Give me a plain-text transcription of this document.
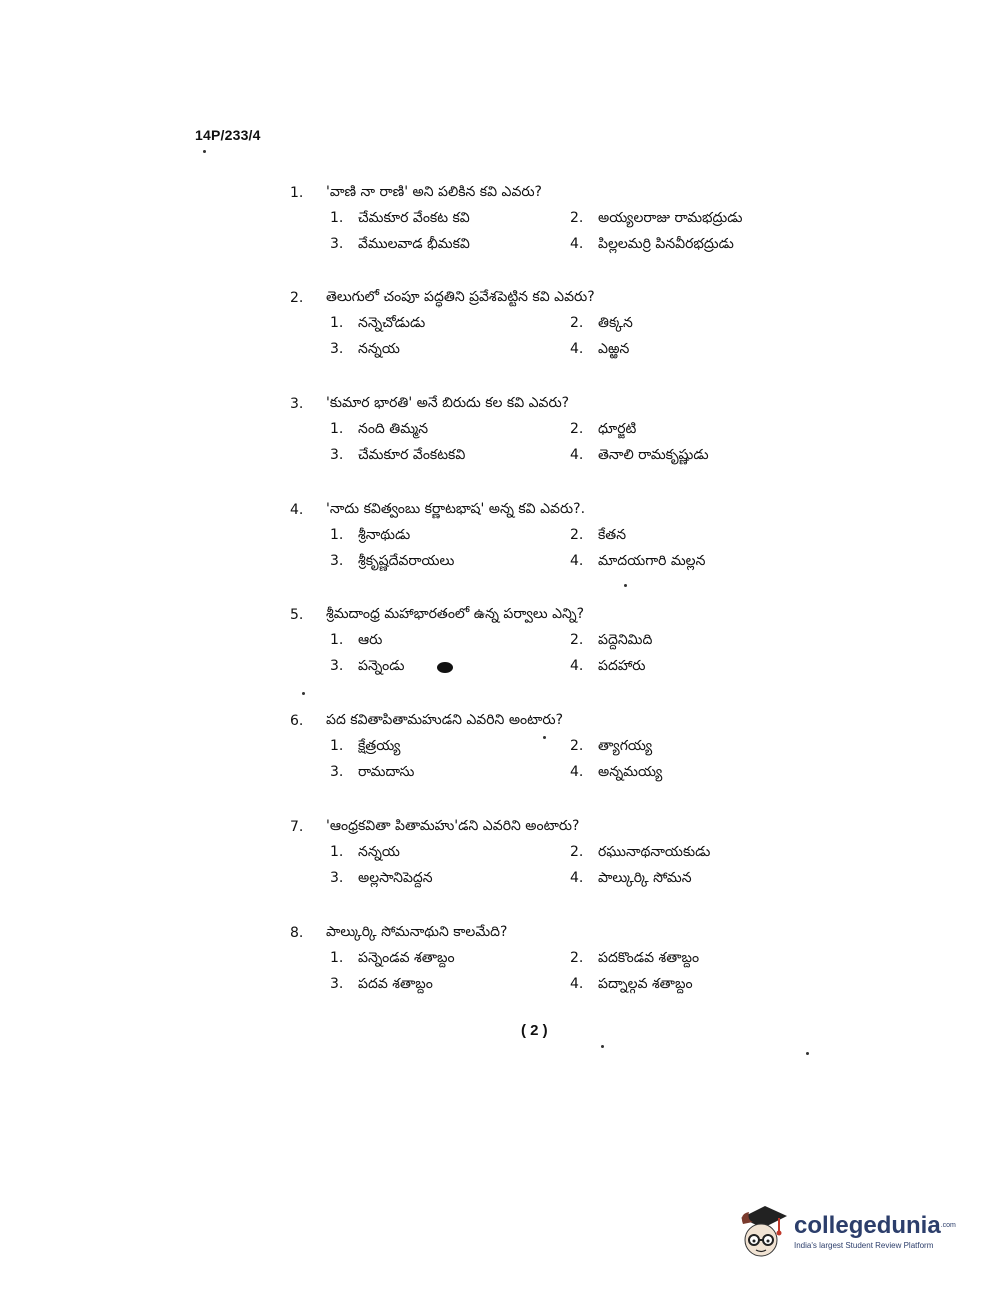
14P/233/4
1.	'వాణి నా రాణి' అని పలికిన కవి ఎవరు?
1.	చేమకూర వేంకట కవి	2.	అయ్యలరాజు రామభద్రుడు
3.	వేములవాడ భీమకవి	4.	పిల్లలమర్రి పినవీరభద్రుడు
2.	తెలుగులో చంపూ పద్ధతిని ప్రవేశపెట్టిన కవి ఎవరు?
1.	నన్నెచోడుడు	2.	తిక్కన
3.	నన్నయ	4.	ఎఱ్ఱన
3.	'కుమార భారతి' అనే బిరుదు కల కవి ఎవరు?
1.	నంది తిమ్మన	2.	ధూర్జటి
3.	చేమకూర వేంకటకవి	4.	తెనాలి రామకృష్ణుడు
4.	'నాదు కవిత్వంబు కర్ణాటభాష' అన్న కవి ఎవరు?.
1.	శ్రీనాథుడు	2.	కేతన
3.	శ్రీకృష్ణదేవరాయలు	4.	మాదయగారి మల్లన
5.	శ్రీమదాంధ్ర మహాభారతంలో ఉన్న పర్వాలు ఎన్ని?
1.	ఆరు	2.	పద్దెనిమిది
3.	పన్నెండు	4.	పదహారు
6.	పద కవితాపితామహుడని ఎవరిని అంటారు?
1.	క్షేత్రయ్య	2.	త్యాగయ్య
3.	రామదాసు	4.	అన్నమయ్య
7.	'ఆంధ్రకవితా పితామహు'డని ఎవరిని అంటారు?
1.	నన్నయ	2.	రఘునాథనాయకుడు
3.	అల్లసానిపెద్దన	4.	పాల్కుర్కి సోమన
8.	పాల్కుర్కి సోమనాథుని కాలమేది?
1.	పన్నెండవ శతాబ్దం	2.	పదకొండవ శతాబ్దం
3.	పదవ శతాబ్దం	4.	పద్నాల్గవ శతాబ్దం
( 2 )
collegedunia$^{.com}$
India's largest Student Review Platform
